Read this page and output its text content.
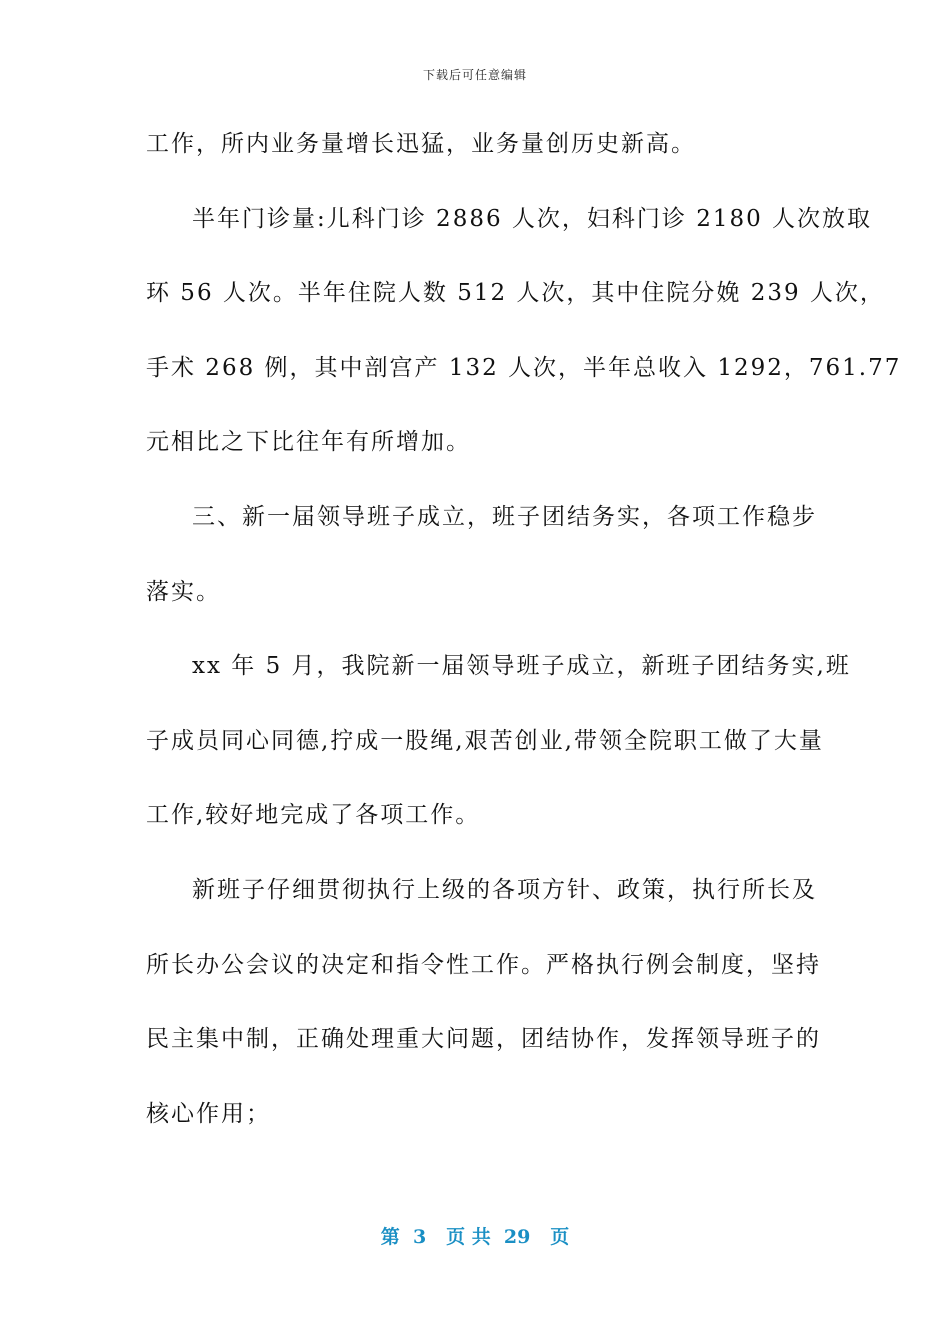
下载后可任意编辑
工作，所内业务量增长迅猛，业务量创历史新高。
半年门诊量:儿科门诊 2886 人次，妇科门诊 2180 人次放取
环 56 人次。半年住院人数 512 人次，其中住院分娩 239 人次，
手术 268 例，其中剖宫产 132 人次，半年总收入 1292，761.77
元相比之下比往年有所增加。
三、新一届领导班子成立，班子团结务实，各项工作稳步
落实。
xx 年 5 月，我院新一届领导班子成立，新班子团结务实,班
子成员同心同德,拧成一股绳,艰苦创业,带领全院职工做了大量
工作,较好地完成了各项工作。
新班子仔细贯彻执行上级的各项方针、政策，执行所长及
所长办公会议的决定和指令性工作。严格执行例会制度，坚持
民主集中制，正确处理重大问题，团结协作，发挥领导班子的
核心作用；
第  3   页 共  29   页
